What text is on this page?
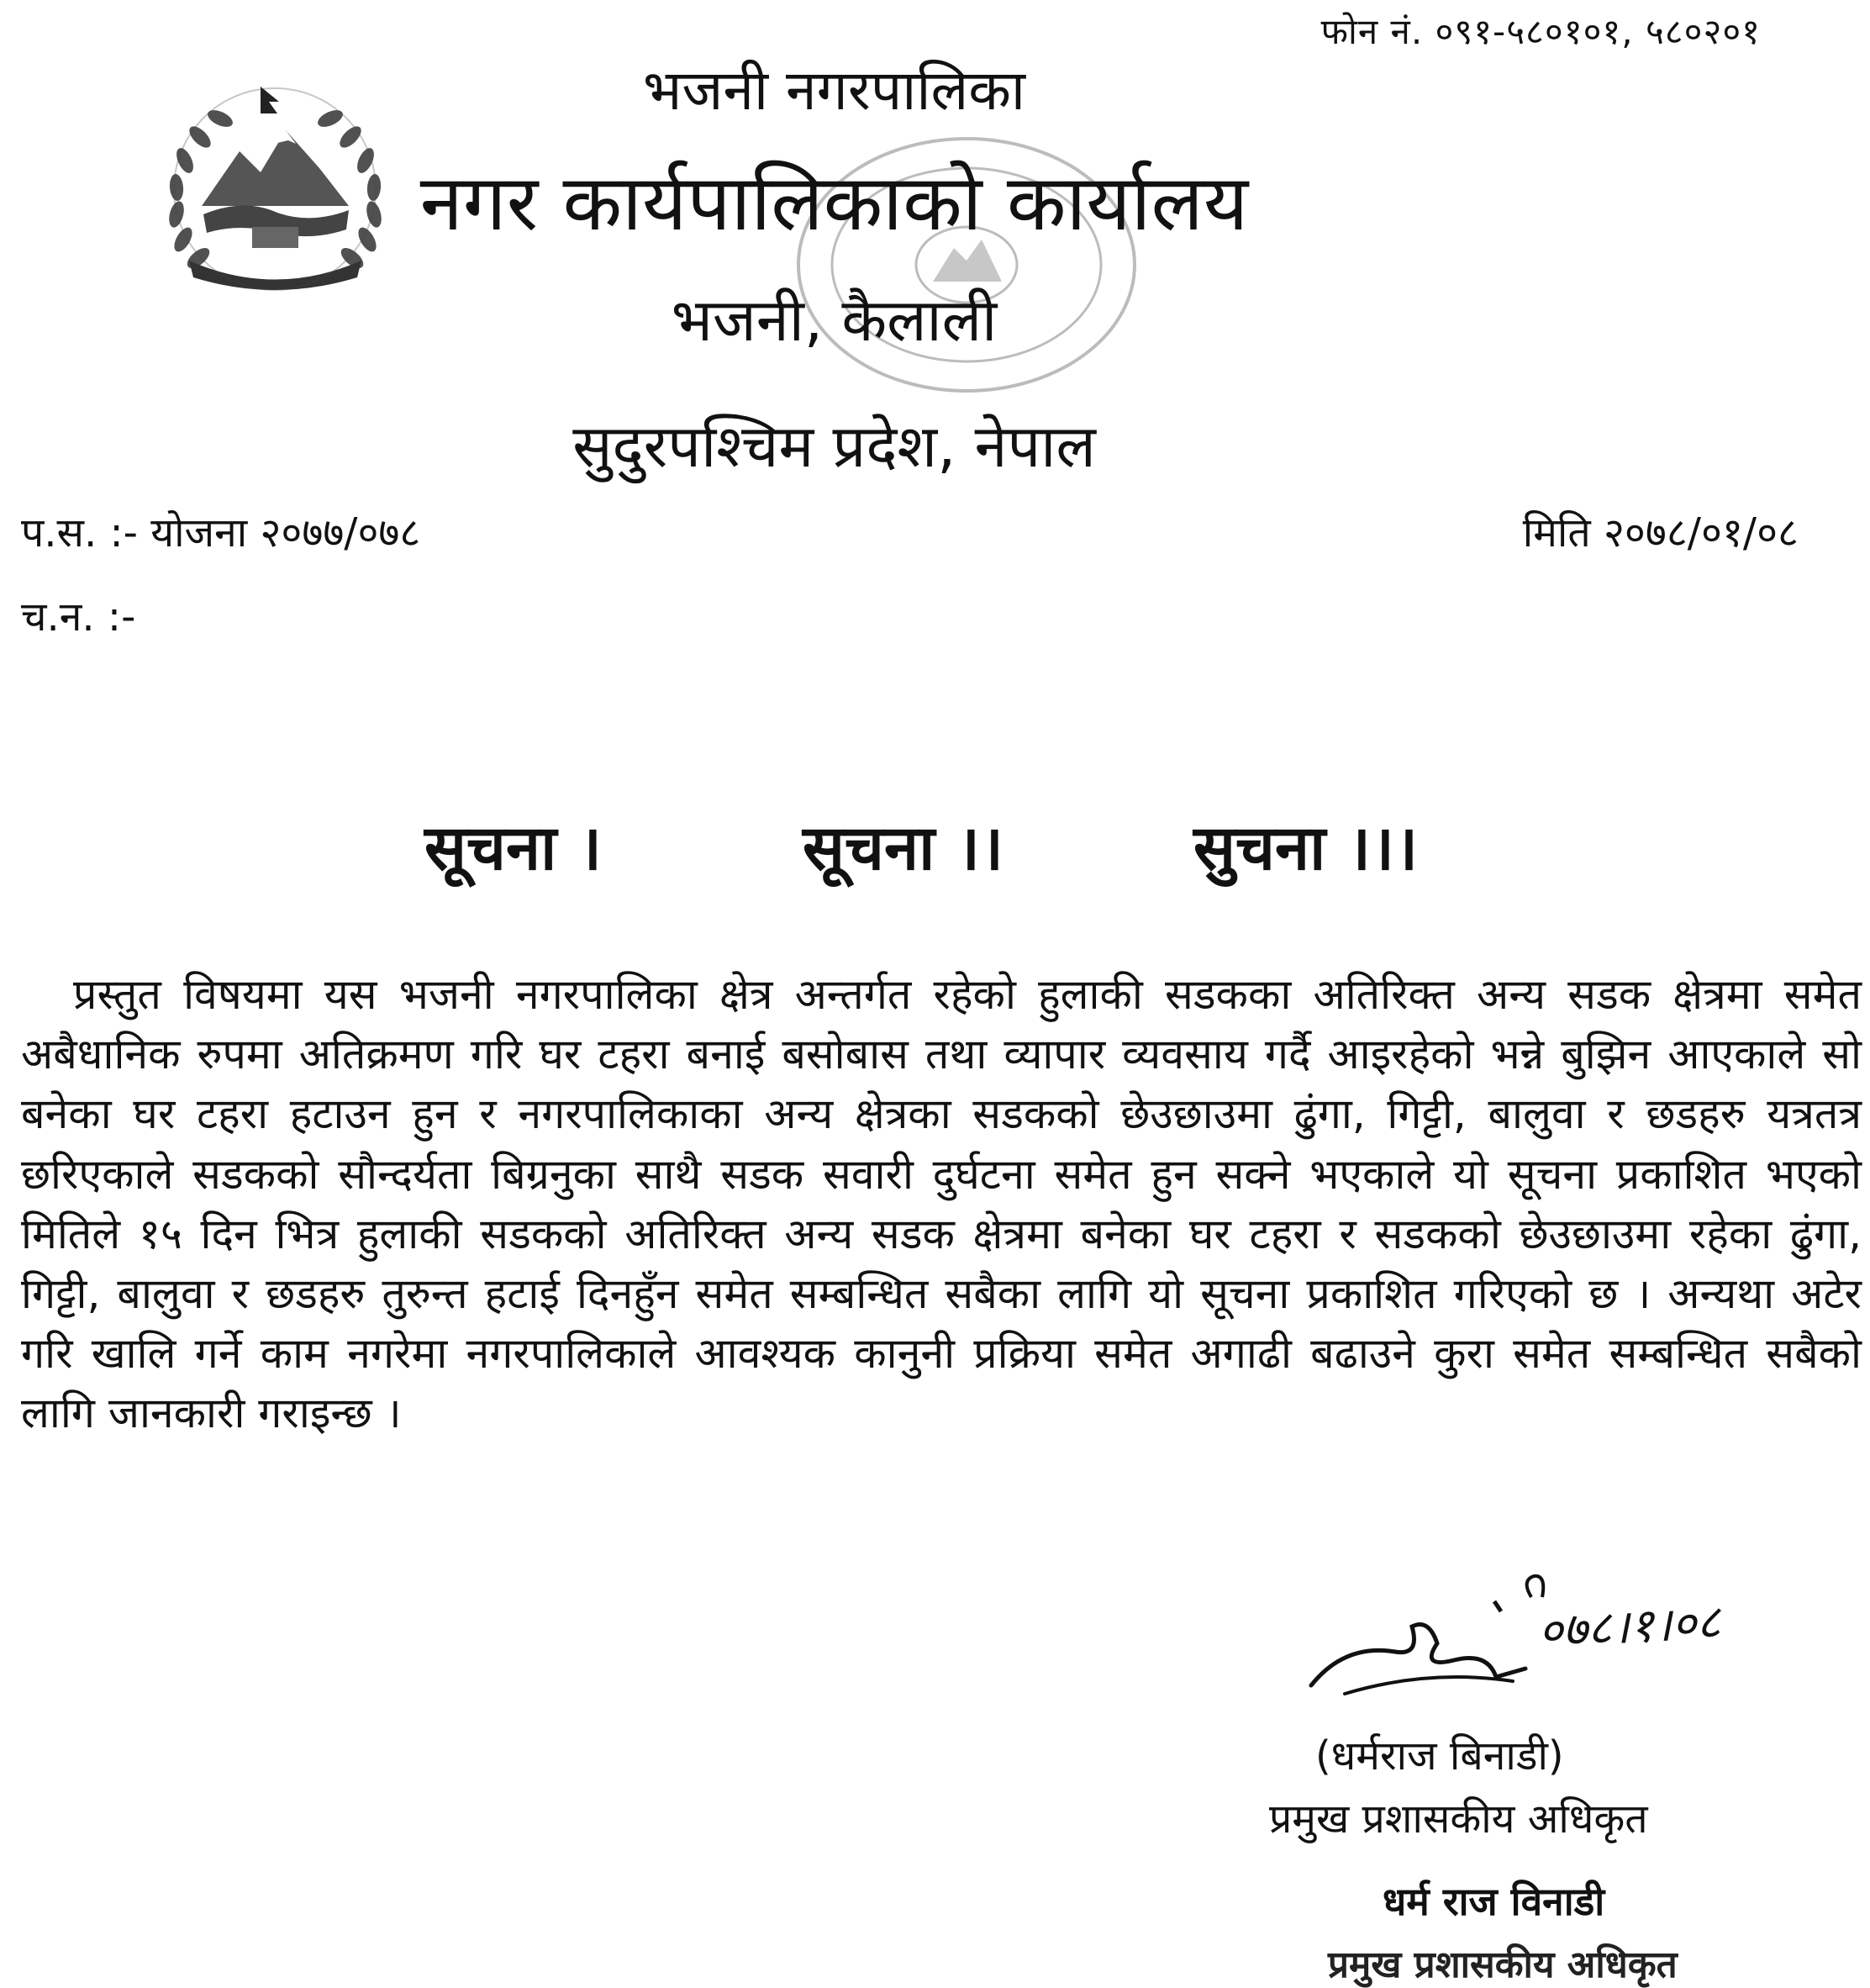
फोन नं. ०९१-५८०१०१, ५८०२०१
भजनी नगरपालिका
नगर कार्यपालिकाको कार्यालय
भजनी, कैलाली
सुदुरपश्चिम प्रदेश, नेपाल
प.स. :- योजना २०७७/०७८	मिति २०७८/०१/०८
च.न. :-
सूचना ।	सूचना ।।	सुचना ।।।
प्रस्तुत विषयमा यस भजनी नगरपालिका क्षेत्र अन्तर्गत रहेको हुलाकी सडकका अतिरिक्त अन्य सडक क्षेत्रमा समेत अबैधानिक रुपमा अतिक्रमण गरि घर टहरा बनाई बसोबास तथा व्यापार व्यवसाय गर्दै आइरहेको भन्ने बुझिन आएकाले सो बनेका घर टहरा हटाउन हुन र नगरपालिकाका अन्य क्षेत्रका सडकको छेउछाउमा ढुंगा, गिट्टी, बालुवा र छडहरु यत्रतत्र छरिएकाले सडकको सौन्दर्यता बिग्रनुका साथै सडक सवारी दुर्घटना समेत हुन सक्ने भएकाले यो सूचना प्रकाशित भएको मितिले १५ दिन भित्र हुलाकी सडकको अतिरिक्त अन्य सडक क्षेत्रमा बनेका घर टहरा र सडकको छेउछाउमा रहेका ढुंगा, गिट्टी, बालुवा र छडहरु तुरुन्त हटाई दिनहुँन समेत सम्बन्धित सबैका लागि यो सूचना प्रकाशित गरिएको छ । अन्यथा अटेर गरि खालि गर्ने काम नगरेमा नगरपालिकाले आवश्यक कानुनी प्रक्रिया समेत अगाढी बढाउने कुरा समेत सम्बन्धित सबैको लागि जानकारी गराइन्छ ।
०७८।१।०८
(धर्मराज बिनाडी)
प्रमुख प्रशासकीय अधिकृत
धर्म राज विनाडी
प्रमुख प्रशासकीय अधिकृत
